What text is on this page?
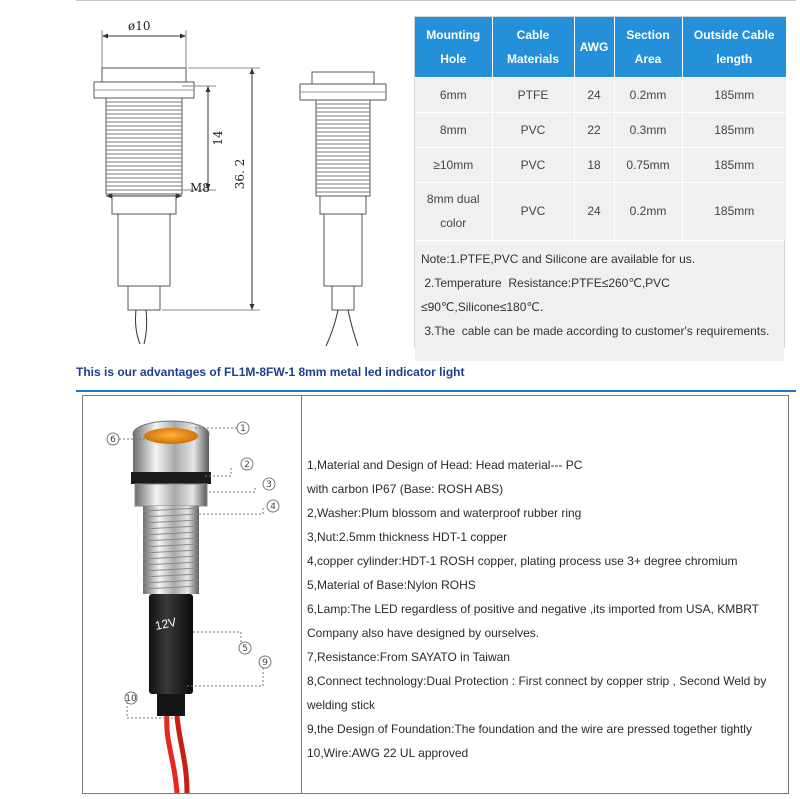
ø10
14
M8 36. 2
Mounting Hole	Cable Materials	AWG	Section Area	Outside Cable length
6mm	PTFE	24	0.2mm	185mm
8mm	PVC	22	0.3mm	185mm
≥10mm	PVC	18	0.75mm	185mm
8mm dual color	PVC	24	0.2mm	185mm
Note:1.PTFE,PVC and Silicone are available for us.
2.Temperature  Resistance:PTFE≤260℃,PVC
≤90℃,Silicone≤180℃.
3.The  cable can be made according to customer's requirements.
This is our advantages of FL1M-8FW-1 8mm metal led indicator light
12V
6
1
2
3
4
5
9
10
1,Material and Design of Head: Head material--- PC
with carbon IP67 (Base: ROSH ABS)
2,Washer:Plum blossom and waterproof rubber ring
3,Nut:2.5mm thickness HDT-1 copper
4,copper cylinder:HDT-1 ROSH copper, plating process use 3+ degree chromium
5,Material of Base:Nylon ROHS
6,Lamp:The LED regardless of positive and negative ,its imported from USA, KMBRT
Company also have designed by ourselves.
7,Resistance:From SAYATO in Taiwan
8,Connect technology:Dual Protection : First connect by copper strip , Second Weld by
welding stick
9,the Design of Foundation:The foundation and the wire are pressed together tightly
10,Wire:AWG 22 UL approved
